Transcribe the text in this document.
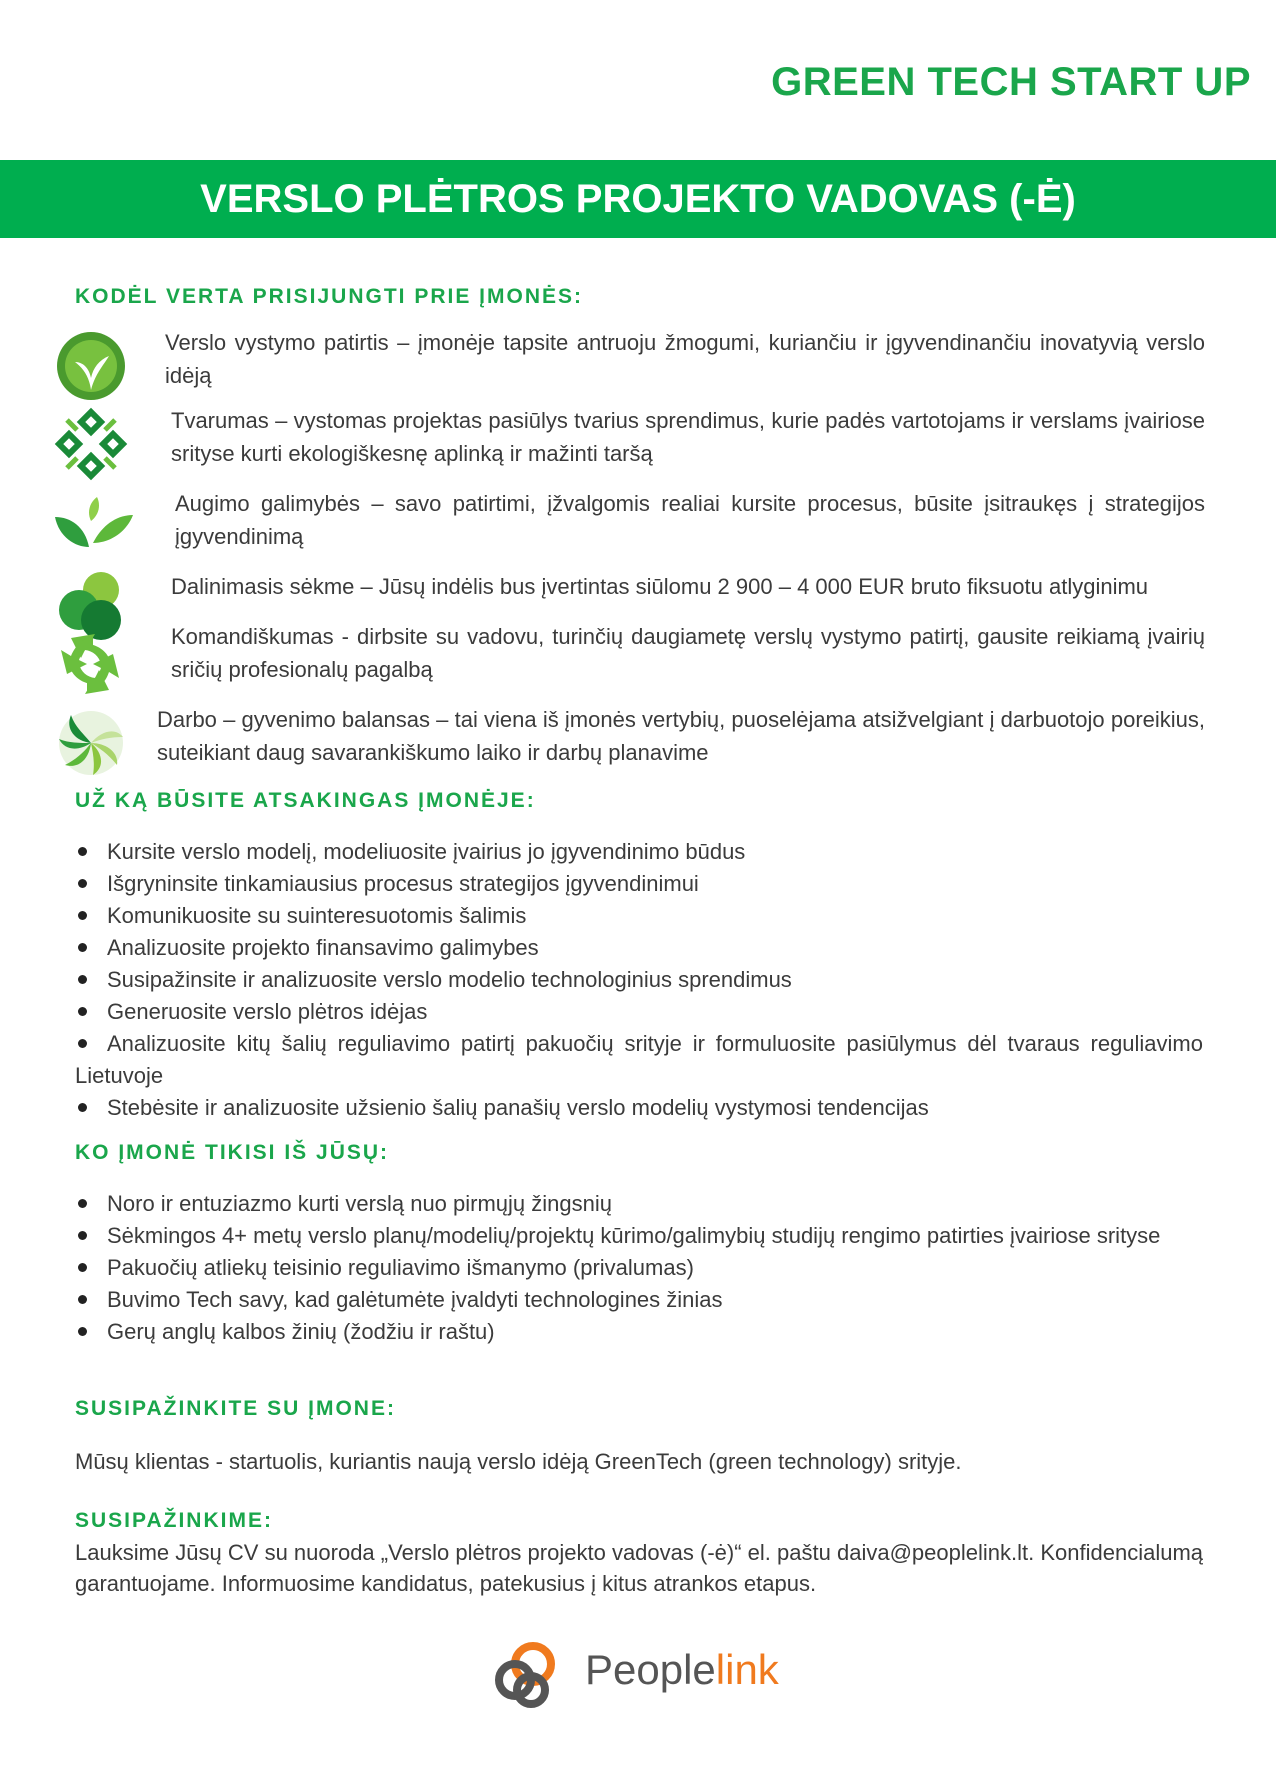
GREEN TECH START UP
VERSLO PLĖTROS PROJEKTO VADOVAS (-Ė)
KODĖL VERTA PRISIJUNGTI PRIE ĮMONĖS:
Verslo vystymo patirtis – įmonėje tapsite antruoju žmogumi, kuriančiu ir įgyvendinančiu inovatyvią verslo idėją
Tvarumas – vystomas projektas pasiūlys tvarius sprendimus, kurie padės vartotojams ir verslams įvairiose srityse kurti ekologiškesnę aplinką ir mažinti taršą
Augimo galimybės – savo patirtimi, įžvalgomis realiai kursite procesus, būsite įsitraukęs į strategijos įgyvendinimą
Dalinimasis sėkme – Jūsų indėlis bus įvertintas siūlomu 2 900 – 4 000 EUR bruto fiksuotu atlyginimu
Komandiškumas - dirbsite su vadovu, turinčių daugiametę verslų vystymo patirtį, gausite reikiamą įvairių sričių profesionalų pagalbą
Darbo – gyvenimo balansas – tai viena iš įmonės vertybių, puoselėjama atsižvelgiant į darbuotojo poreikius, suteikiant daug savarankiškumo laiko ir darbų planavime
UŽ KĄ BŪSITE ATSAKINGAS ĮMONĖJE:
Kursite verslo modelį, modeliuosite įvairius jo įgyvendinimo būdus
Išgryninsite tinkamiausius procesus strategijos įgyvendinimui
Komunikuosite su suinteresuotomis šalimis
Analizuosite projekto finansavimo galimybes
Susipažinsite ir analizuosite verslo modelio technologinius sprendimus
Generuosite verslo plėtros idėjas
Analizuosite kitų šalių reguliavimo patirtį pakuočių srityje ir formuluosite pasiūlymus dėl tvaraus reguliavimo Lietuvoje
Stebėsite ir analizuosite užsienio šalių panašių verslo modelių vystymosi tendencijas
KO ĮMONĖ TIKISI IŠ JŪSŲ:
Noro ir entuziazmo kurti verslą nuo pirmųjų žingsnių
Sėkmingos 4+ metų verslo planų/modelių/projektų kūrimo/galimybių studijų rengimo patirties įvairiose srityse
Pakuočių atliekų teisinio reguliavimo išmanymo (privalumas)
Buvimo Tech savy, kad galėtumėte įvaldyti technologines žinias
Gerų anglų kalbos žinių (žodžiu ir raštu)
SUSIPAŽINKITE SU ĮMONE:
Mūsų klientas - startuolis, kuriantis naują verslo idėją GreenTech (green technology) srityje.
SUSIPAŽINKIME:
Lauksime Jūsų CV su nuoroda „Verslo plėtros projekto vadovas (-ė)“ el. paštu daiva@peoplelink.lt. Konfidencialumą garantuojame. Informuosime kandidatus, patekusius į kitus atrankos etapus.
Peoplelink
